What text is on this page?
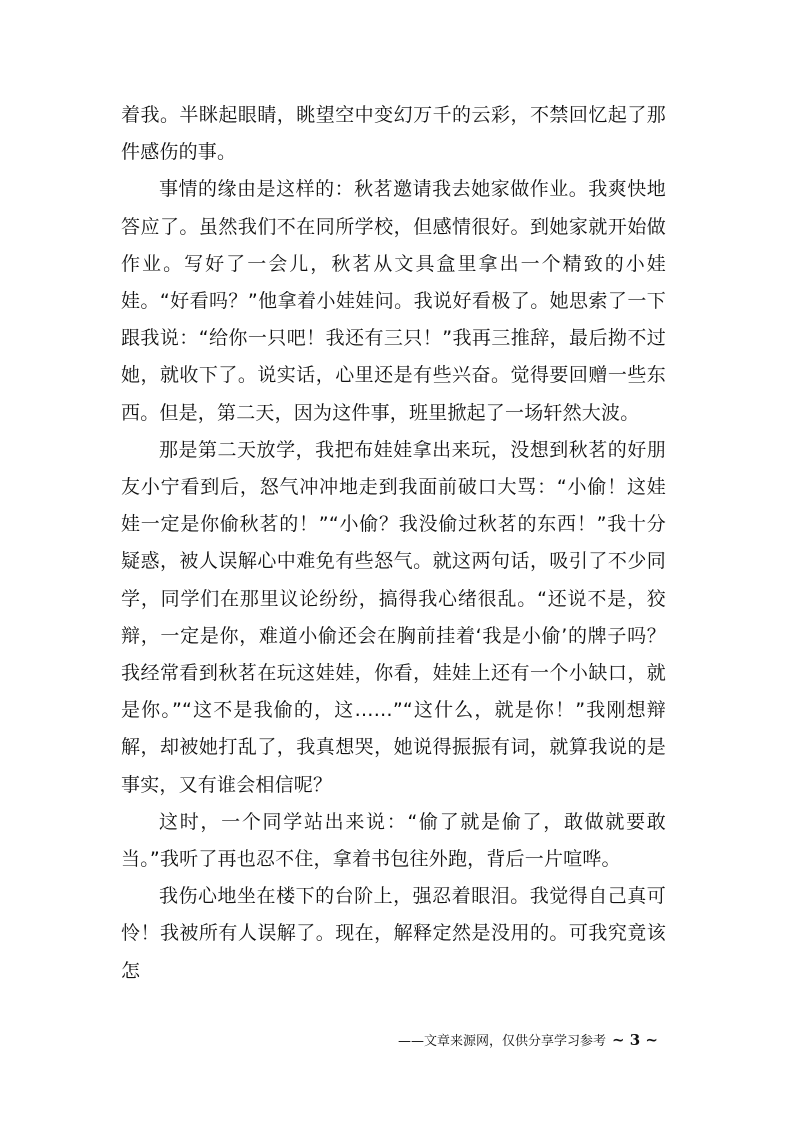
着我。半眯起眼睛，眺望空中变幻万千的云彩，不禁回忆起了那件感伤的事。

事情的缘由是这样的：秋茗邀请我去她家做作业。我爽快地答应了。虽然我们不在同所学校，但感情很好。到她家就开始做作业。写好了一会儿，秋茗从文具盒里拿出一个精致的小娃娃。“好看吗？”他拿着小娃娃问。我说好看极了。她思索了一下跟我说：“给你一只吧！我还有三只！”我再三推辞，最后拗不过她，就收下了。说实话，心里还是有些兴奋。觉得要回赠一些东西。但是，第二天，因为这件事，班里掀起了一场轩然大波。

那是第二天放学，我把布娃娃拿出来玩，没想到秋茗的好朋友小宁看到后，怒气冲冲地走到我面前破口大骂：“小偷！这娃娃一定是你偷秋茗的！”“小偷？我没偷过秋茗的东西！”我十分疑惑，被人误解心中难免有些怒气。就这两句话，吸引了不少同学，同学们在那里议论纷纷，搞得我心绪很乱。“还说不是，狡辩，一定是你，难道小偷还会在胸前挂着‘我是小偷’的牌子吗？我经常看到秋茗在玩这娃娃，你看，娃娃上还有一个小缺口，就是你。”“这不是我偷的，这……”“这什么，就是你！”我刚想辩解，却被她打乱了，我真想哭，她说得振振有词，就算我说的是事实，又有谁会相信呢？

这时，一个同学站出来说：“偷了就是偷了，敢做就要敢当。”我听了再也忍不住，拿着书包往外跑，背后一片喧哗。

我伤心地坐在楼下的台阶上，强忍着眼泪。我觉得自己真可怜！我被所有人误解了。现在，解释定然是没用的。可我究竟该怎

——文章来源网，仅供分享学习参考 ~ 3 ~
